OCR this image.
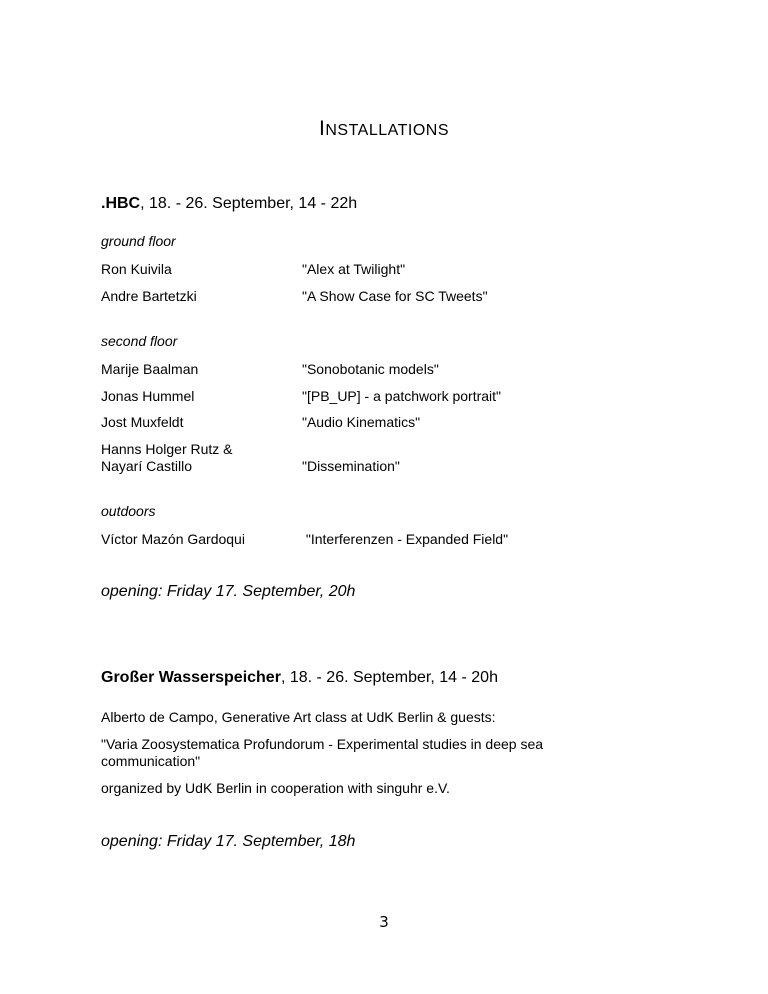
INSTALLATIONS
.HBC, 18. - 26. September, 14 - 22h
ground floor
Ron Kuivila	"Alex at Twilight"
Andre Bartetzki	"A Show Case for SC Tweets"
second floor
Marije Baalman	"Sonobotanic models"
Jonas Hummel	"[PB_UP] - a patchwork portrait"
Jost Muxfeldt	"Audio Kinematics"
Hanns Holger Rutz &
Nayarí Castillo	"Dissemination"
outdoors
Víctor Mazón Gardoqui	"Interferenzen - Expanded Field"
opening: Friday 17. September, 20h
Großer Wasserspeicher, 18. - 26. September, 14 - 20h
Alberto de Campo, Generative Art class at UdK Berlin & guests:
"Varia Zoosystematica Profundorum - Experimental studies in deep sea communication"
organized by UdK Berlin in cooperation with singuhr e.V.
opening: Friday 17. September, 18h
3
